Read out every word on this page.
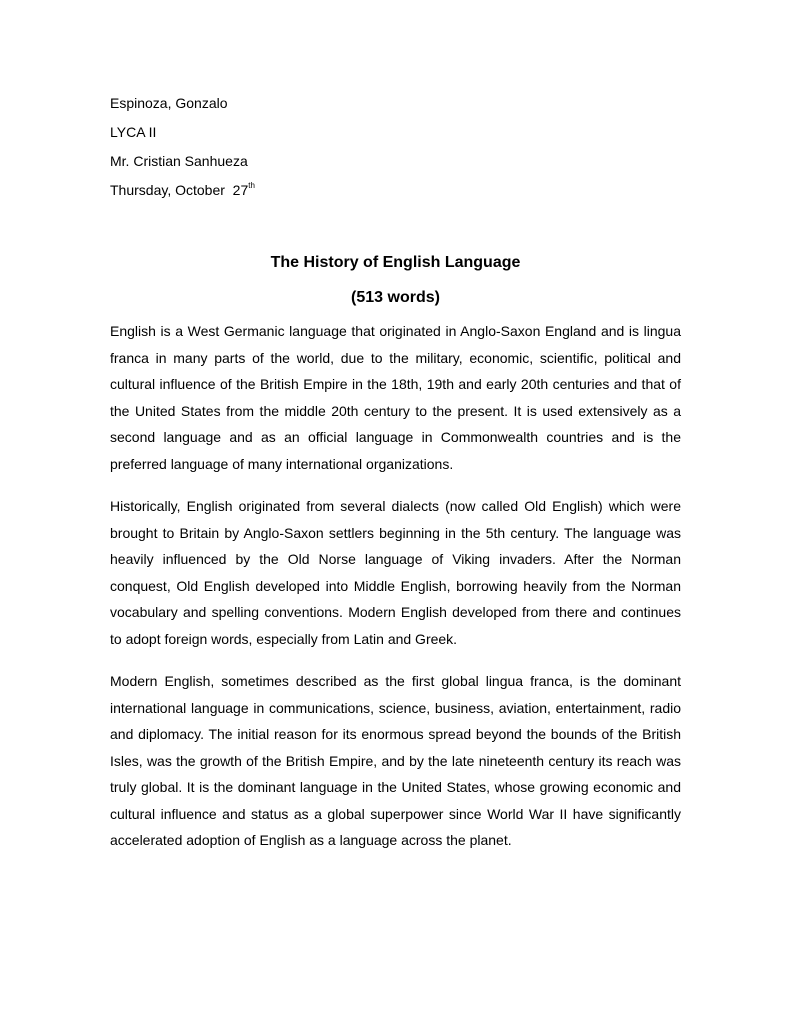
Espinoza, Gonzalo
LYCA II
Mr. Cristian Sanhueza
Thursday, October  27th
The History of English Language
(513 words)

English is a West Germanic language that originated in Anglo-Saxon England and is lingua franca in many parts of the world, due to the military, economic, scientific, political and cultural influence of the British Empire in the 18th, 19th and early 20th centuries and that of the United States from the middle 20th century to the present. It is used extensively as a second language and as an official language in Commonwealth countries and is the preferred language of many international organizations.

Historically, English originated from several dialects (now called Old English) which were brought to Britain by Anglo-Saxon settlers beginning in the 5th century. The language was heavily influenced by the Old Norse language of Viking invaders. After the Norman conquest, Old English developed into Middle English, borrowing heavily from the Norman vocabulary and spelling conventions. Modern English developed from there and continues to adopt foreign words, especially from Latin and Greek.

Modern English, sometimes described as the first global lingua franca, is the dominant international language in communications, science, business, aviation, entertainment, radio and diplomacy. The initial reason for its enormous spread beyond the bounds of the British Isles, was the growth of the British Empire, and by the late nineteenth century its reach was truly global. It is the dominant language in the United States, whose growing economic and cultural influence and status as a global superpower since World War II have significantly accelerated adoption of English as a language across the planet.
